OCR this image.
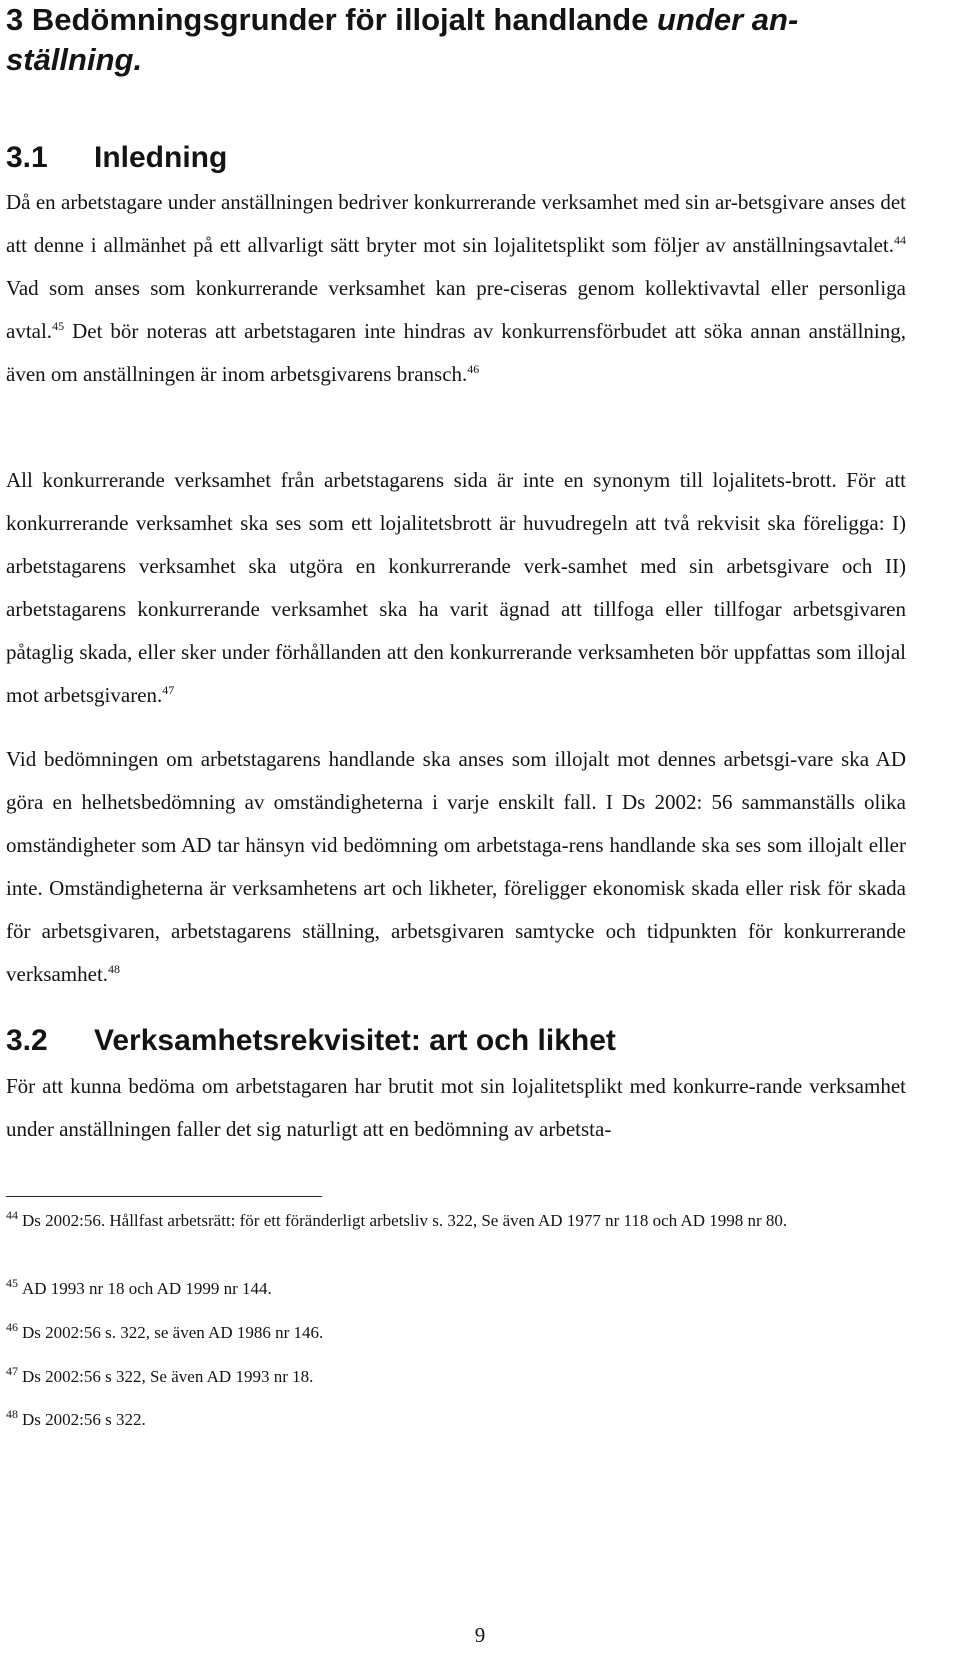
3 Bedömningsgrunder för illojalt handlande under an-ställning.
3.1 Inledning

Då en arbetstagare under anställningen bedriver konkurrerande verksamhet med sin ar-betsgivare anses det att denne i allmänhet på ett allvarligt sätt bryter mot sin lojalitetsplikt som följer av anställningsavtalet.$^{44}$ Vad som anses som konkurrerande verksamhet kan pre-ciseras genom kollektivavtal eller personliga avtal.$^{45}$ Det bör noteras att arbetstagaren inte hindras av konkurrensförbudet att söka annan anställning, även om anställningen är inom arbetsgivarens bransch.$^{46}$

All konkurrerande verksamhet från arbetstagarens sida är inte en synonym till lojalitets-brott. För att konkurrerande verksamhet ska ses som ett lojalitetsbrott är huvudregeln att två rekvisit ska föreligga: I) arbetstagarens verksamhet ska utgöra en konkurrerande verk-samhet med sin arbetsgivare och II) arbetstagarens konkurrerande verksamhet ska ha varit ägnad att tillfoga eller tillfogar arbetsgivaren påtaglig skada, eller sker under förhållanden att den konkurrerande verksamheten bör uppfattas som illojal mot arbetsgivaren.$^{47}$

Vid bedömningen om arbetstagarens handlande ska anses som illojalt mot dennes arbetsgi-vare ska AD göra en helhetsbedömning av omständigheterna i varje enskilt fall. I Ds 2002: 56 sammanställs olika omständigheter som AD tar hänsyn vid bedömning om arbetstaga-rens handlande ska ses som illojalt eller inte. Omständigheterna är verksamhetens art och likheter, föreligger ekonomisk skada eller risk för skada för arbetsgivaren, arbetstagarens ställning, arbetsgivaren samtycke och tidpunkten för konkurrerande verksamhet.$^{48}$

3.2 Verksamhetsrekvisitet: art och likhet

För att kunna bedöma om arbetstagaren har brutit mot sin lojalitetsplikt med konkurre-rande verksamhet under anställningen faller det sig naturligt att en bedömning av arbetsta-

$^{44}$ Ds 2002:56. Hållfast arbetsrätt: för ett föränderligt arbetsliv s. 322, Se även AD 1977 nr 118 och AD 1998 nr 80.

$^{45}$ AD 1993 nr 18 och AD 1999 nr 144.

$^{46}$ Ds 2002:56 s. 322, se även AD 1986 nr 146.

$^{47}$ Ds 2002:56 s 322, Se även AD 1993 nr 18.

$^{48}$ Ds 2002:56 s 322.

9
